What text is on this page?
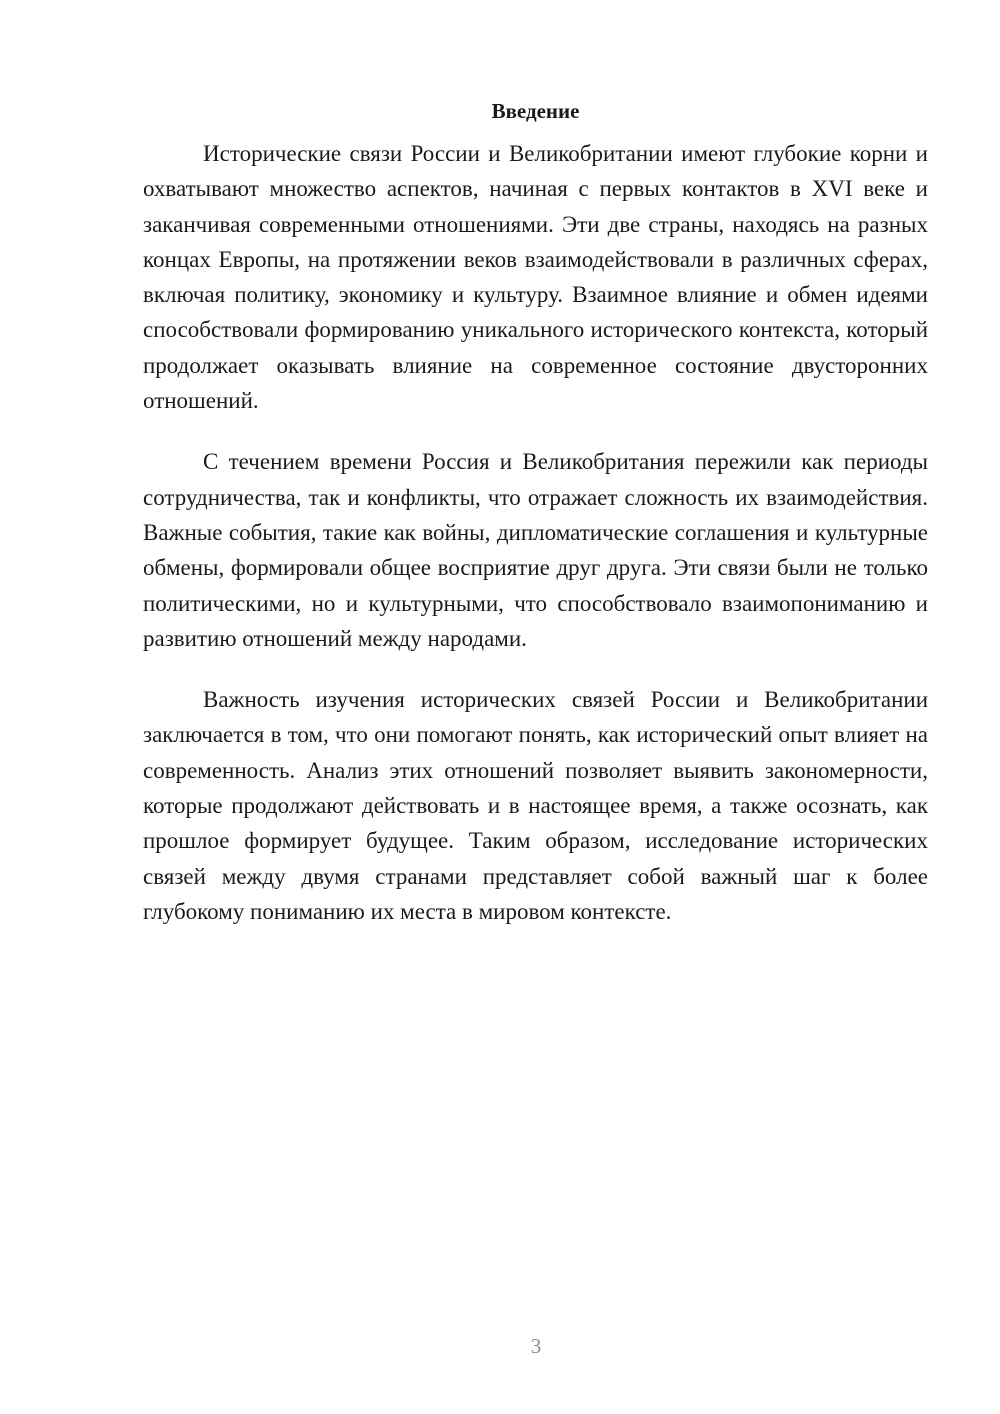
Введение

Исторические связи России и Великобритании имеют глубокие корни и охватывают множество аспектов, начиная с первых контактов в XVI веке и заканчивая современными отношениями. Эти две страны, находясь на разных концах Европы, на протяжении веков взаимодействовали в различных сферах, включая политику, экономику и культуру. Взаимное влияние и обмен идеями способствовали формированию уникального исторического контекста, который продолжает оказывать влияние на современное состояние двусторонних отношений.

С течением времени Россия и Великобритания пережили как периоды сотрудничества, так и конфликты, что отражает сложность их взаимодействия. Важные события, такие как войны, дипломатические соглашения и культурные обмены, формировали общее восприятие друг друга. Эти связи были не только политическими, но и культурными, что способствовало взаимопониманию и развитию отношений между народами.

Важность изучения исторических связей России и Великобритании заключается в том, что они помогают понять, как исторический опыт влияет на современность. Анализ этих отношений позволяет выявить закономерности, которые продолжают действовать и в настоящее время, а также осознать, как прошлое формирует будущее. Таким образом, исследование исторических связей между двумя странами представляет собой важный шаг к более глубокому пониманию их места в мировом контексте.

3
